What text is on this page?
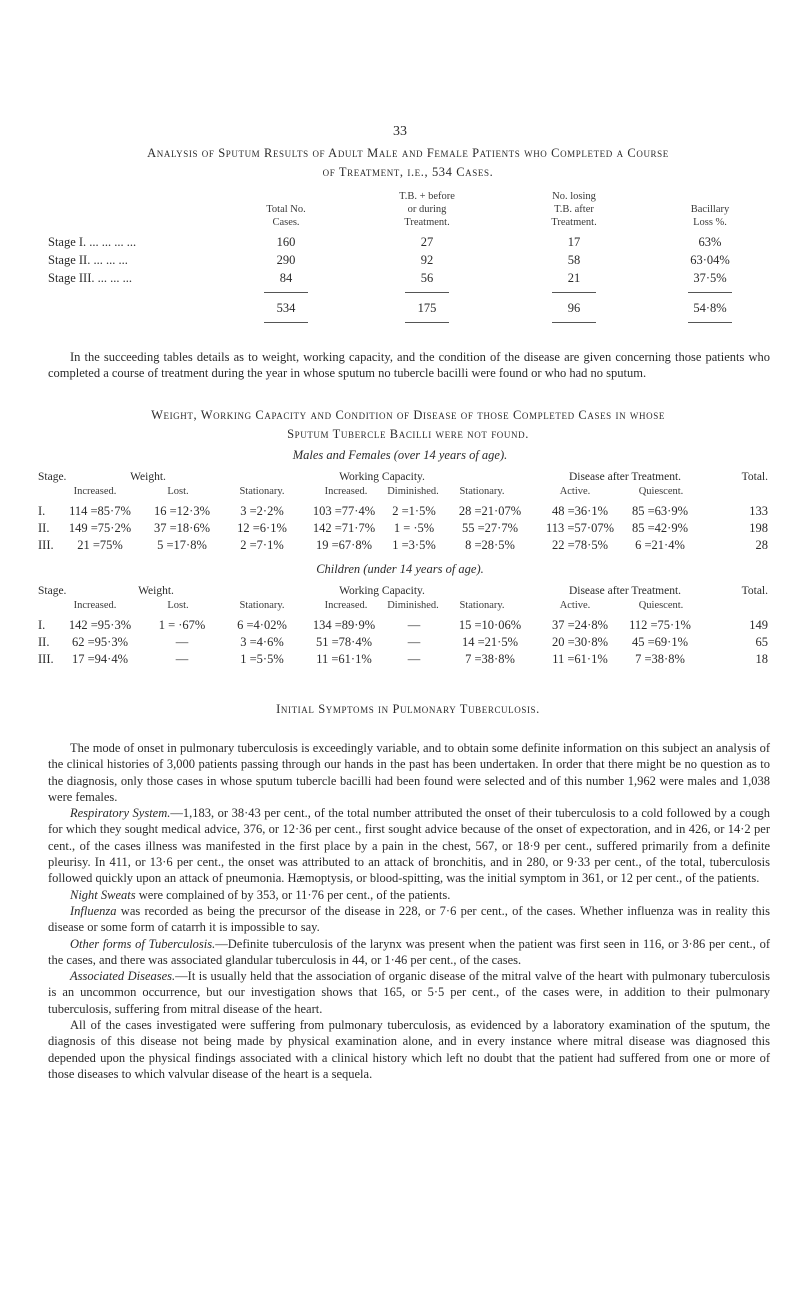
33
Analysis of Sputum Results of Adult Male and Female Patients who Completed a Course
of Treatment, i.e., 534 Cases.
T.B. + before	No. losing
Total No.	or during	T.B. after	Bacillary
Cases.	Treatment.	Treatment.	Loss %.
Stage I. ... ... ... ...	160	27	17	63%
Stage II. ... ... ...	290	92	58	63·04%
Stage III. ... ... ...	84	56	21	37·5%
534	175	96	54·8%

In the succeeding tables details as to weight, working capacity, and the condition of the disease are given concerning those patients who completed a course of treatment during the year in whose sputum no tubercle bacilli were found or who had no sputum.

Weight, Working Capacity and Condition of Disease of those Completed Cases in whose
Sputum Tubercle Bacilli were not found.
Males and Females (over 14 years of age).
Stage.	Weight.	Working Capacity.	Disease after Treatment.	Total.
Increased.	Lost.	Stationary.	Increased. Diminished. Stationary.	Active.	Quiescent.
I. 114 =85·7% 16 =12·3% 3 =2·2% 103 =77·4% 2 =1·5% 28 =21·07% 48 =36·1% 85 =63·9%	133
II. 149 =75·2% 37 =18·6% 12 =6·1% 142 =71·7% 1 = ·5% 55 =27·7% 113 =57·07% 85 =42·9%	198
III. 21 =75%	5 =17·8%	2 =7·1%	19 =67·8% 1 =3·5% 8 =28·5%	22 =78·5% 6 =21·4%	28
Children (under 14 years of age).
Stage.	Weight.	Working Capacity.	Disease after Treatment.	Total.
Increased.	Lost.	Stationary.	Increased. Diminished. Stationary.	Active.	Quiescent.
I. 142 =95·3% 1 = ·67%	6 =4·02% 134 =89·9%	—	15 =10·06% 37 =24·8% 112 =75·1%	149
II. 62 =95·3%	—	3 =4·6%	51 =78·4%	—	14 =21·5%	20 =30·8% 45 =69·1%	65
III. 17 =94·4%	—	1 =5·5%	11 =61·1%	—	7 =38·8%	11 =61·1% 7 =38·8%	18
Initial Symptoms in Pulmonary Tuberculosis.

The mode of onset in pulmonary tuberculosis is exceedingly variable, and to obtain some definite information on this subject an analysis of the clinical histories of 3,000 patients passing through our hands in the past has been undertaken. In order that there might be no question as to the diagnosis, only those cases in whose sputum tubercle bacilli had been found were selected and of this number 1,962 were males and 1,038 were females.

Respiratory System.—1,183, or 38·43 per cent., of the total number attributed the onset of their tuberculosis to a cold followed by a cough for which they sought medical advice, 376, or 12·36 per cent., first sought advice because of the onset of expectoration, and in 426, or 14·2 per cent., of the cases illness was manifested in the first place by a pain in the chest, 567, or 18·9 per cent., suffered primarily from a definite pleurisy. In 411, or 13·6 per cent., the onset was attributed to an attack of bronchitis, and in 280, or 9·33 per cent., of the total, tuberculosis followed quickly upon an attack of pneumonia. Hæmoptysis, or blood-spitting, was the initial symptom in 361, or 12 per cent., of the patients.

Night Sweats were complained of by 353, or 11·76 per cent., of the patients.

Influenza was recorded as being the precursor of the disease in 228, or 7·6 per cent., of the cases. Whether influenza was in reality this disease or some form of catarrh it is impossible to say.

Other forms of Tuberculosis.—Definite tuberculosis of the larynx was present when the patient was first seen in 116, or 3·86 per cent., of the cases, and there was associated glandular tuberculosis in 44, or 1·46 per cent., of the cases.

Associated Diseases.—It is usually held that the association of organic disease of the mitral valve of the heart with pulmonary tuberculosis is an uncommon occurrence, but our investigation shows that 165, or 5·5 per cent., of the cases were, in addition to their pulmonary tuberculosis, suffering from mitral disease of the heart.

All of the cases investigated were suffering from pulmonary tuberculosis, as evidenced by a laboratory examination of the sputum, the diagnosis of this disease not being made by physical examination alone, and in every instance where mitral disease was diagnosed this depended upon the physical findings associated with a clinical history which left no doubt that the patient had suffered from one or more of those diseases to which valvular disease of the heart is a sequela.
